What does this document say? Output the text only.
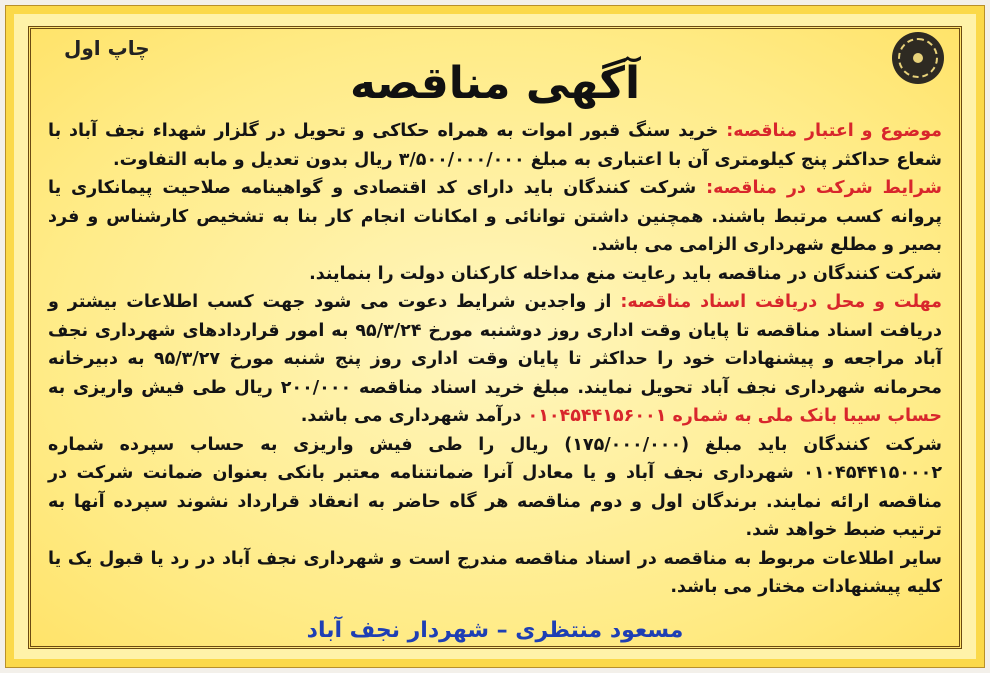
چاپ اول
آگهی مناقصه

موضوع و اعتبار مناقصه: خرید سنگ قبور اموات به همراه حکاکی و تحویل در گلزار شهداء نجف آباد با شعاع حداکثر پنج کیلومتری آن با اعتباری به مبلغ ۳/۵۰۰/۰۰۰/۰۰۰ ریال بدون تعدیل و مابه التفاوت.

شرایط شرکت در مناقصه: شرکت کنندگان باید دارای کد اقتصادی و گواهینامه صلاحیت پیمانکاری یا پروانه کسب مرتبط باشند. همچنین داشتن توانائی و امکانات انجام کار بنا به تشخیص کارشناس و فرد بصیر و مطلع شهرداری الزامی می باشد.

شرکت کنندگان در مناقصه باید رعایت منع مداخله کارکنان دولت را بنمایند.

مهلت و محل دریافت اسناد مناقصه: از واجدین شرایط دعوت می شود جهت کسب اطلاعات بیشتر و دریافت اسناد مناقصه تا پایان وقت اداری روز دوشنبه مورخ ۹۵/۳/۲۴ به امور قراردادهای شهرداری نجف آباد مراجعه و پیشنهادات خود را حداکثر تا پایان وقت اداری روز پنج شنبه مورخ ۹۵/۳/۲۷ به دبیرخانه محرمانه شهرداری نجف آباد تحویل نمایند. مبلغ خرید اسناد مناقصه ۲۰۰/۰۰۰ ریال طی فیش واریزی به حساب سیبا بانک ملی به شماره ۰۱۰۴۵۴۴۱۵۶۰۰۱ درآمد شهرداری می باشد.

شرکت کنندگان باید مبلغ (۱۷۵/۰۰۰/۰۰۰) ریال را طی فیش واریزی به حساب سپرده شماره ۰۱۰۴۵۴۴۱۵۰۰۰۲ شهرداری نجف آباد و یا معادل آنرا ضمانتنامه معتبر بانکی بعنوان ضمانت شرکت در مناقصه ارائه نمایند. برندگان اول و دوم مناقصه هر گاه حاضر به انعقاد قرارداد نشوند سپرده آنها به ترتیب ضبط خواهد شد.

سایر اطلاعات مربوط به مناقصه در اسناد مناقصه مندرج است و شهرداری نجف آباد در رد یا قبول یک یا کلیه پیشنهادات مختار می باشد.

مسعود منتظری – شهردار نجف آباد
